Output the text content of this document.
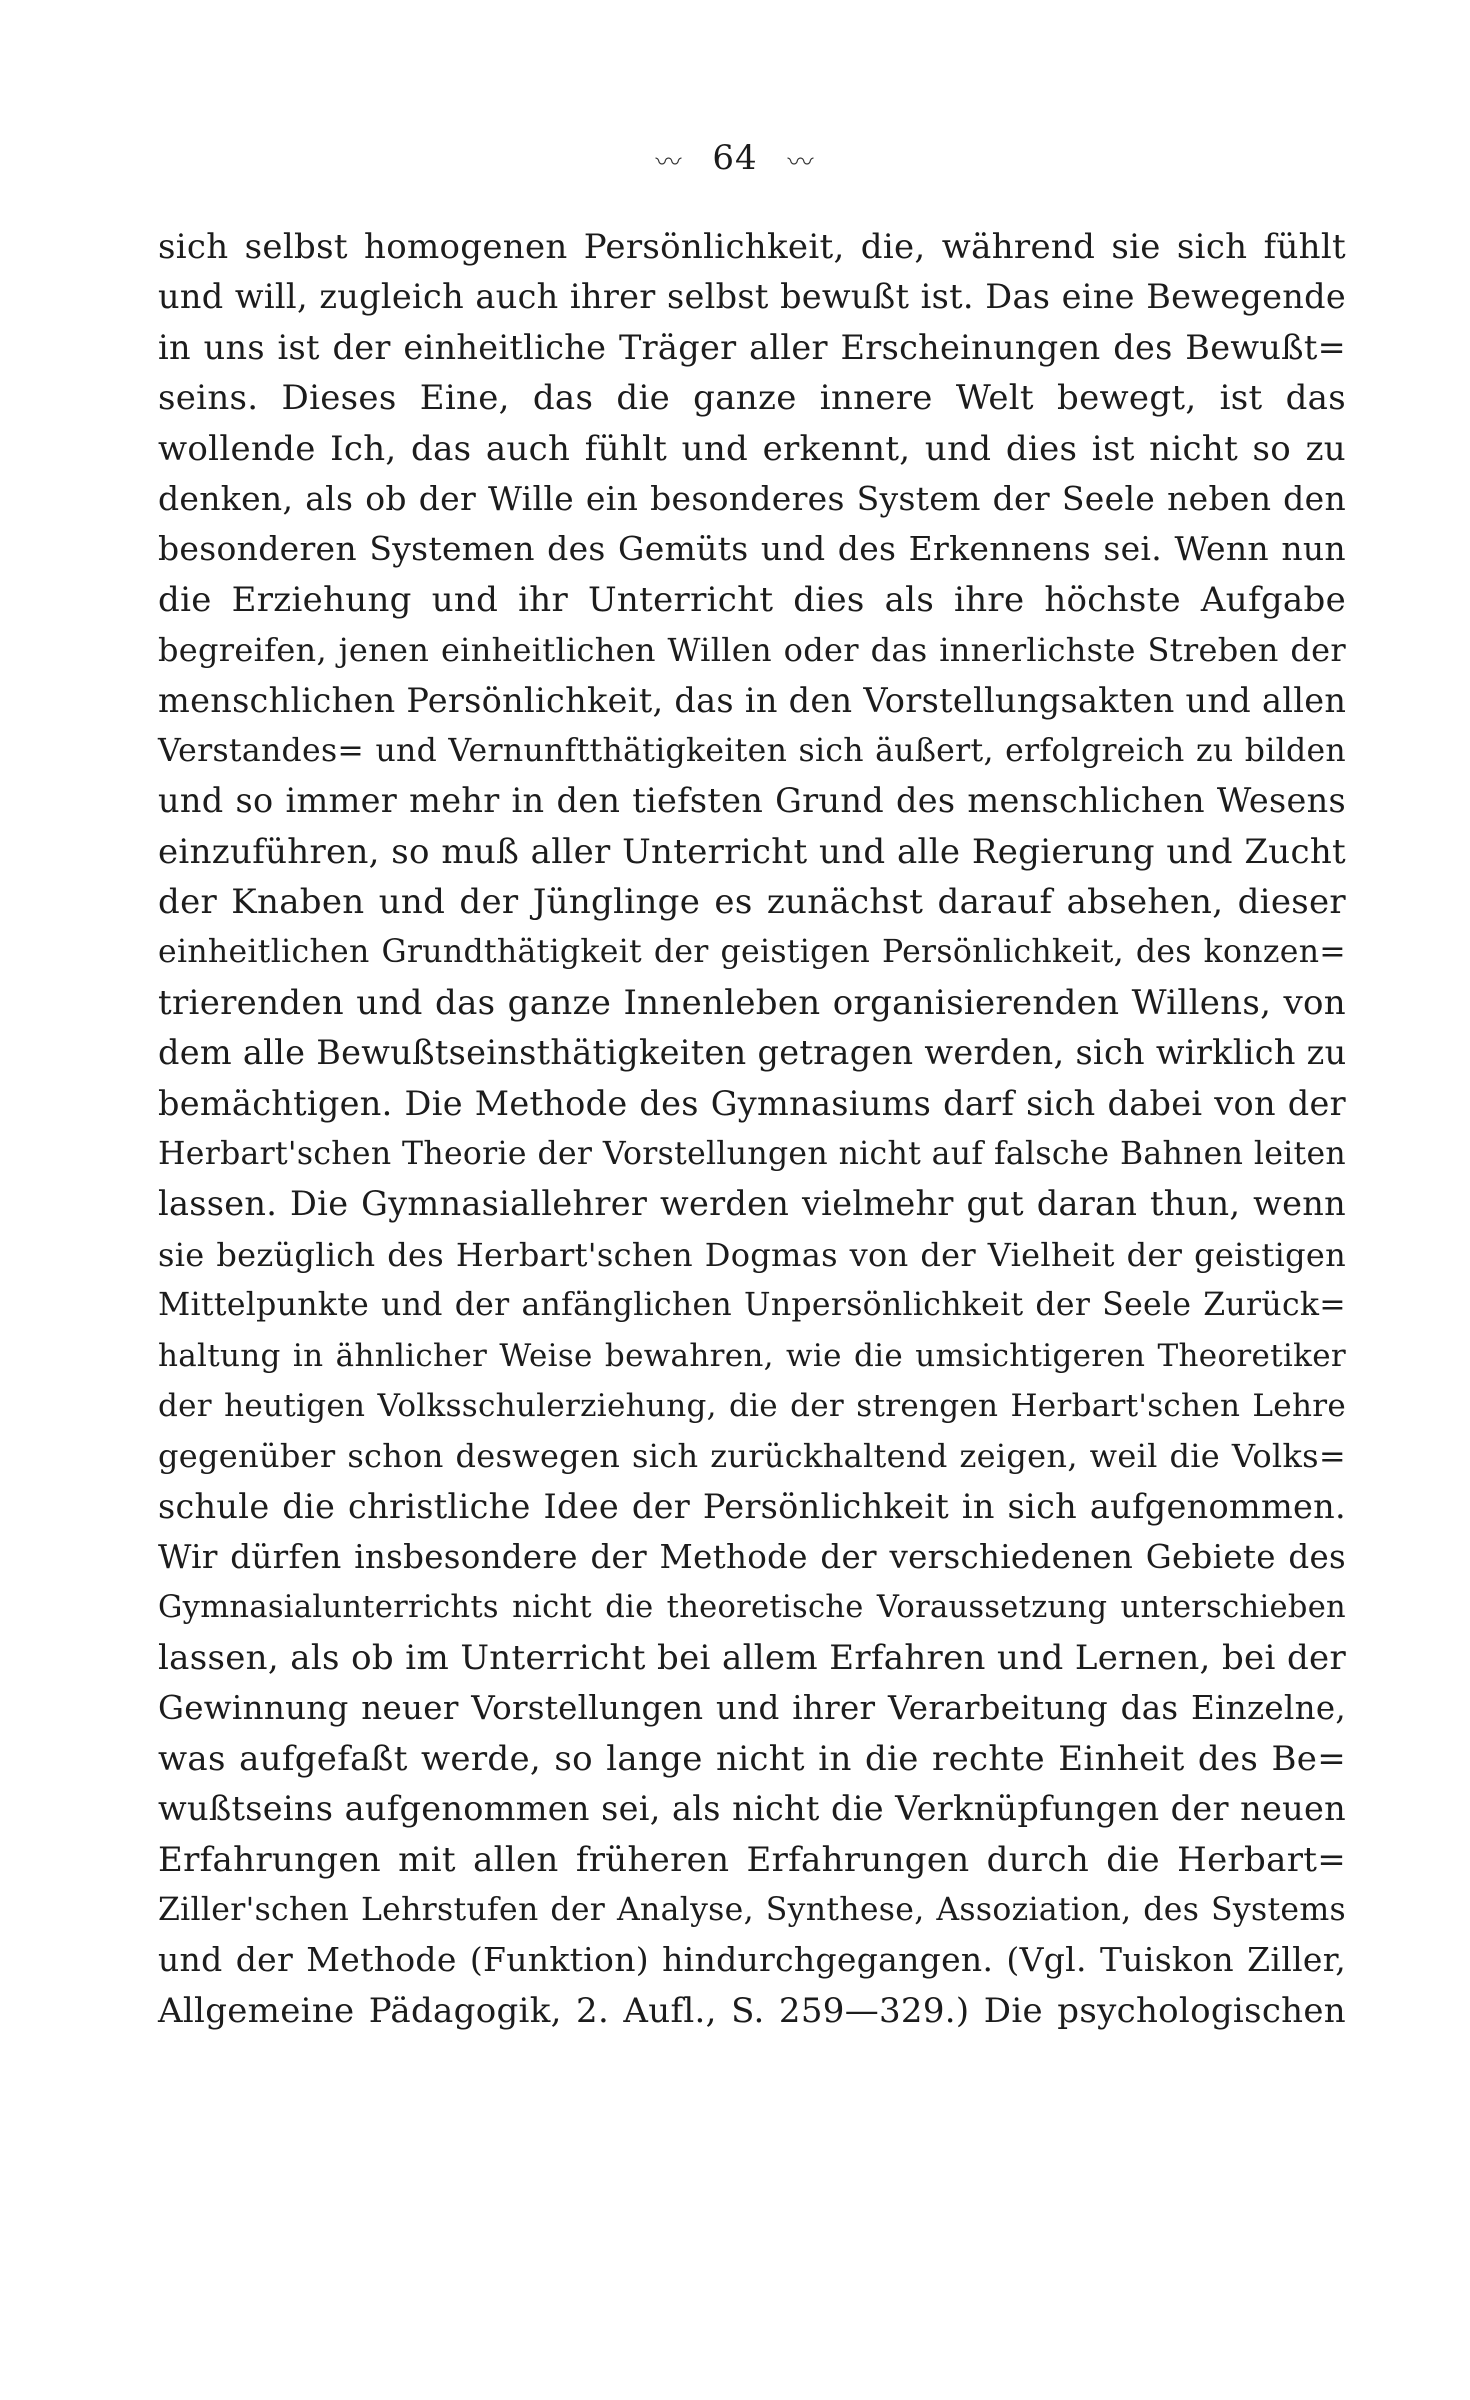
〰 64 〰
sich selbst homogenen Persönlichkeit, die, während sie sich fühlt
und will, zugleich auch ihrer selbst bewußt ist. Das eine Bewegende
in uns ist der einheitliche Träger aller Erscheinungen des Bewußt=
seins. Dieses Eine, das die ganze innere Welt bewegt, ist das
wollende Ich, das auch fühlt und erkennt, und dies ist nicht so zu
denken, als ob der Wille ein besonderes System der Seele neben den
besonderen Systemen des Gemüts und des Erkennens sei. Wenn nun
die Erziehung und ihr Unterricht dies als ihre höchste Aufgabe
begreifen, jenen einheitlichen Willen oder das innerlichste Streben der
menschlichen Persönlichkeit, das in den Vorstellungsakten und allen
Verstandes= und Vernunftthätigkeiten sich äußert, erfolgreich zu bilden
und so immer mehr in den tiefsten Grund des menschlichen Wesens
einzuführen, so muß aller Unterricht und alle Regierung und Zucht
der Knaben und der Jünglinge es zunächst darauf absehen, dieser
einheitlichen Grundthätigkeit der geistigen Persönlichkeit, des konzen=
trierenden und das ganze Innenleben organisierenden Willens, von
dem alle Bewußtseinsthätigkeiten getragen werden, sich wirklich zu
bemächtigen. Die Methode des Gymnasiums darf sich dabei von der
Herbart'schen Theorie der Vorstellungen nicht auf falsche Bahnen leiten
lassen. Die Gymnasiallehrer werden vielmehr gut daran thun, wenn
sie bezüglich des Herbart'schen Dogmas von der Vielheit der geistigen
Mittelpunkte und der anfänglichen Unpersönlichkeit der Seele Zurück=
haltung in ähnlicher Weise bewahren, wie die umsichtigeren Theoretiker
der heutigen Volksschulerziehung, die der strengen Herbart'schen Lehre
gegenüber schon deswegen sich zurückhaltend zeigen, weil die Volks=
schule die christliche Idee der Persönlichkeit in sich aufgenommen.
Wir dürfen insbesondere der Methode der verschiedenen Gebiete des
Gymnasialunterrichts nicht die theoretische Voraussetzung unterschieben
lassen, als ob im Unterricht bei allem Erfahren und Lernen, bei der
Gewinnung neuer Vorstellungen und ihrer Verarbeitung das Einzelne,
was aufgefaßt werde, so lange nicht in die rechte Einheit des Be=
wußtseins aufgenommen sei, als nicht die Verknüpfungen der neuen
Erfahrungen mit allen früheren Erfahrungen durch die Herbart=
Ziller'schen Lehrstufen der Analyse, Synthese, Assoziation, des Systems
und der Methode (Funktion) hindurchgegangen. (Vgl. Tuiskon Ziller,
Allgemeine Pädagogik, 2. Aufl., S. 259—329.) Die psychologischen
